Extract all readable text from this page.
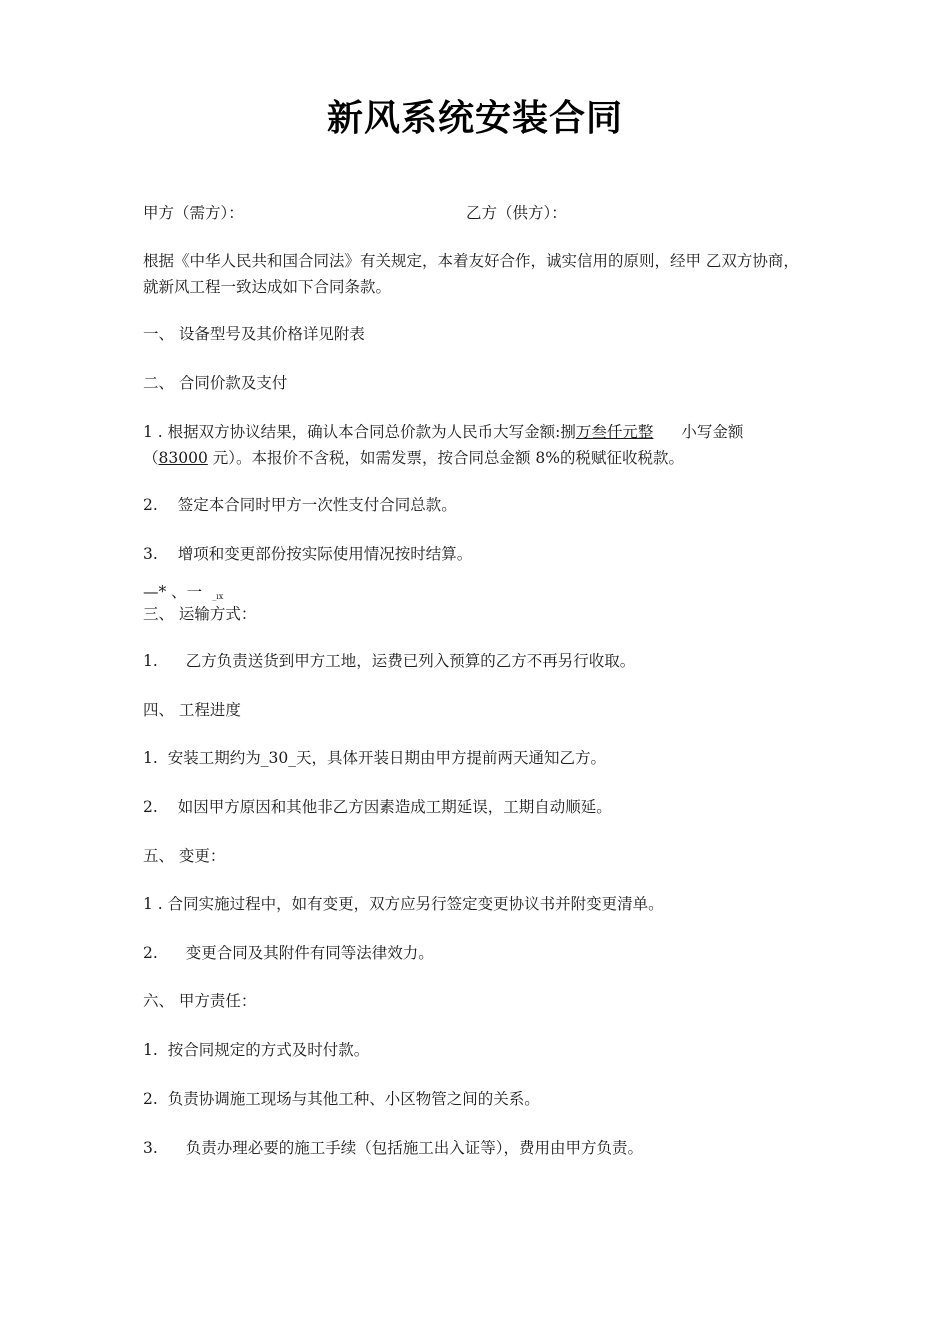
新风系统安装合同
甲方（需方）：	乙方（供方）：
根据《中华人民共和国合同法》有关规定，本着友好合作，诚实信用的原则，经甲 乙双方协商，就新风工程一致达成如下合同条款。
一、 设备型号及其价格详见附表
二、 合同价款及支付
1 . 根据双方协议结果，确认本合同总价款为人民币大写金额:捌万叁仟元整 小写金额
（83000 元）。本报价不含税，如需发票，按合同总金额 8%的税赋征收税款。
2. 签定本合同时甲方一次性支付合同总款。
3. 增项和变更部份按实际使用情况按时结算。
—* 、一 _ıx
三、 运输方式：
1. 乙方负责送货到甲方工地，运费已列入预算的乙方不再另行收取。
四、 工程进度
1. 安装工期约为_30_天，具体开装日期由甲方提前两天通知乙方。
2. 如因甲方原因和其他非乙方因素造成工期延误，工期自动顺延。
五、 变更：
1 . 合同实施过程中，如有变更，双方应另行签定变更协议书并附变更清单。
2. 变更合同及其附件有同等法律效力。
六、 甲方责任：
1. 按合同规定的方式及时付款。
2. 负责协调施工现场与其他工种、小区物管之间的关系。
3. 负责办理必要的施工手续（包括施工出入证等），费用由甲方负责。
